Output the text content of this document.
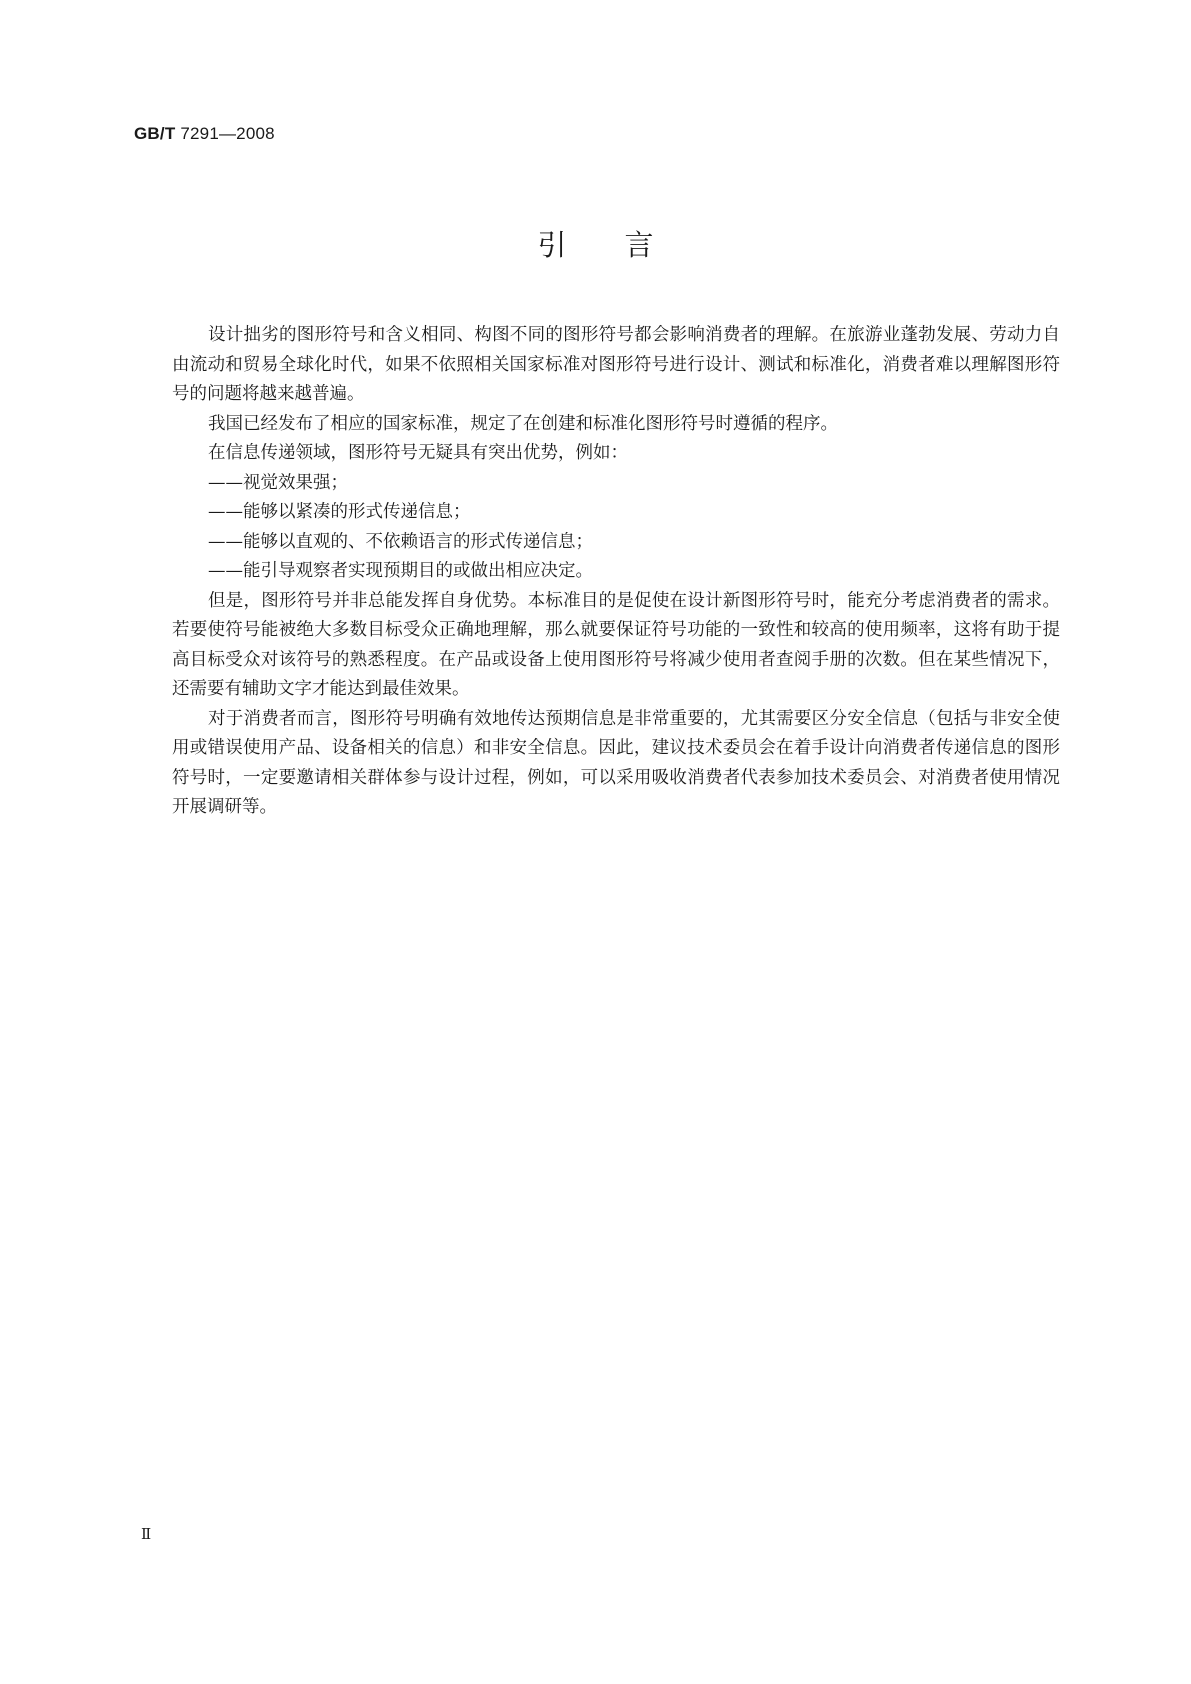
GB/T 7291—2008
引言

设计拙劣的图形符号和含义相同、构图不同的图形符号都会影响消费者的理解。在旅游业蓬勃发展、劳动力自由流动和贸易全球化时代，如果不依照相关国家标准对图形符号进行设计、测试和标准化，消费者难以理解图形符号的问题将越来越普遍。

我国已经发布了相应的国家标准，规定了在创建和标准化图形符号时遵循的程序。

在信息传递领域，图形符号无疑具有突出优势，例如：

——视觉效果强；

——能够以紧凑的形式传递信息；

——能够以直观的、不依赖语言的形式传递信息；

——能引导观察者实现预期目的或做出相应决定。

但是，图形符号并非总能发挥自身优势。本标准目的是促使在设计新图形符号时，能充分考虑消费者的需求。若要使符号能被绝大多数目标受众正确地理解，那么就要保证符号功能的一致性和较高的使用频率，这将有助于提高目标受众对该符号的熟悉程度。在产品或设备上使用图形符号将减少使用者查阅手册的次数。但在某些情况下，还需要有辅助文字才能达到最佳效果。

对于消费者而言，图形符号明确有效地传达预期信息是非常重要的，尤其需要区分安全信息（包括与非安全使用或错误使用产品、设备相关的信息）和非安全信息。因此，建议技术委员会在着手设计向消费者传递信息的图形符号时，一定要邀请相关群体参与设计过程，例如，可以采用吸收消费者代表参加技术委员会、对消费者使用情况开展调研等。

Ⅱ
